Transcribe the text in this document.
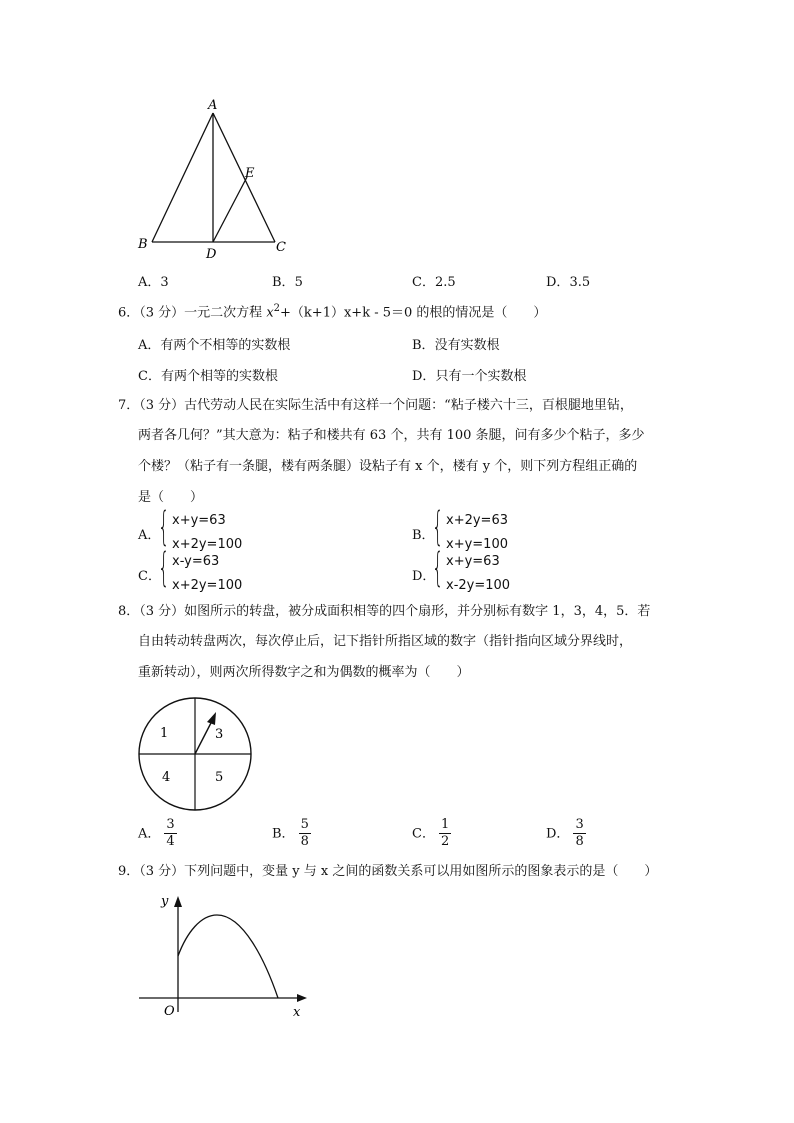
A
E
B
D	C
A．3	B．5	C．2.5	D．3.5
6．（3 分）一元二次方程 $x^2+(k+1)x+k - 5=0$ 的根的情况是（　　）
A．有两个不相等的实数根	B．没有实数根
C．有两个相等的实数根	D．只有一个实数根
7．（3 分）古代劳动人民在实际生活中有这样一个问题：“粘子楼六十三，百根腿地里钻，
两者各几何？”其大意为：粘子和楼共有 63 个，共有 100 条腿，问有多少个粘子，多少
个楼？（粘子有一条腿，楼有两条腿）设粘子有 x 个，楼有 y 个，则下列方程组正确的
是（　　）
A．
{ x+y=63
x+2y=100
B．
{ x+2y=63
x+y=100
C．
{ x-y=63
x+2y=100
D．
{ x+y=63
x-2y=100
8．（3 分）如图所示的转盘，被分成面积相等的四个扇形，并分别标有数字 1，3，4，5．若
自由转动转盘两次，每次停止后，记下指针所指区域的数字（指针指向区域分界线时，
重新转动），则两次所得数字之和为偶数的概率为（　　）
1	3
4	5
A． $\frac{3}{4}$	B． $\frac{5}{8}$	C． $\frac{1}{2}$	D． $\frac{3}{8}$
9．（3 分）下列问题中，变量 y 与 x 之间的函数关系可以用如图所示的图象表示的是（　　）
y
x
O
